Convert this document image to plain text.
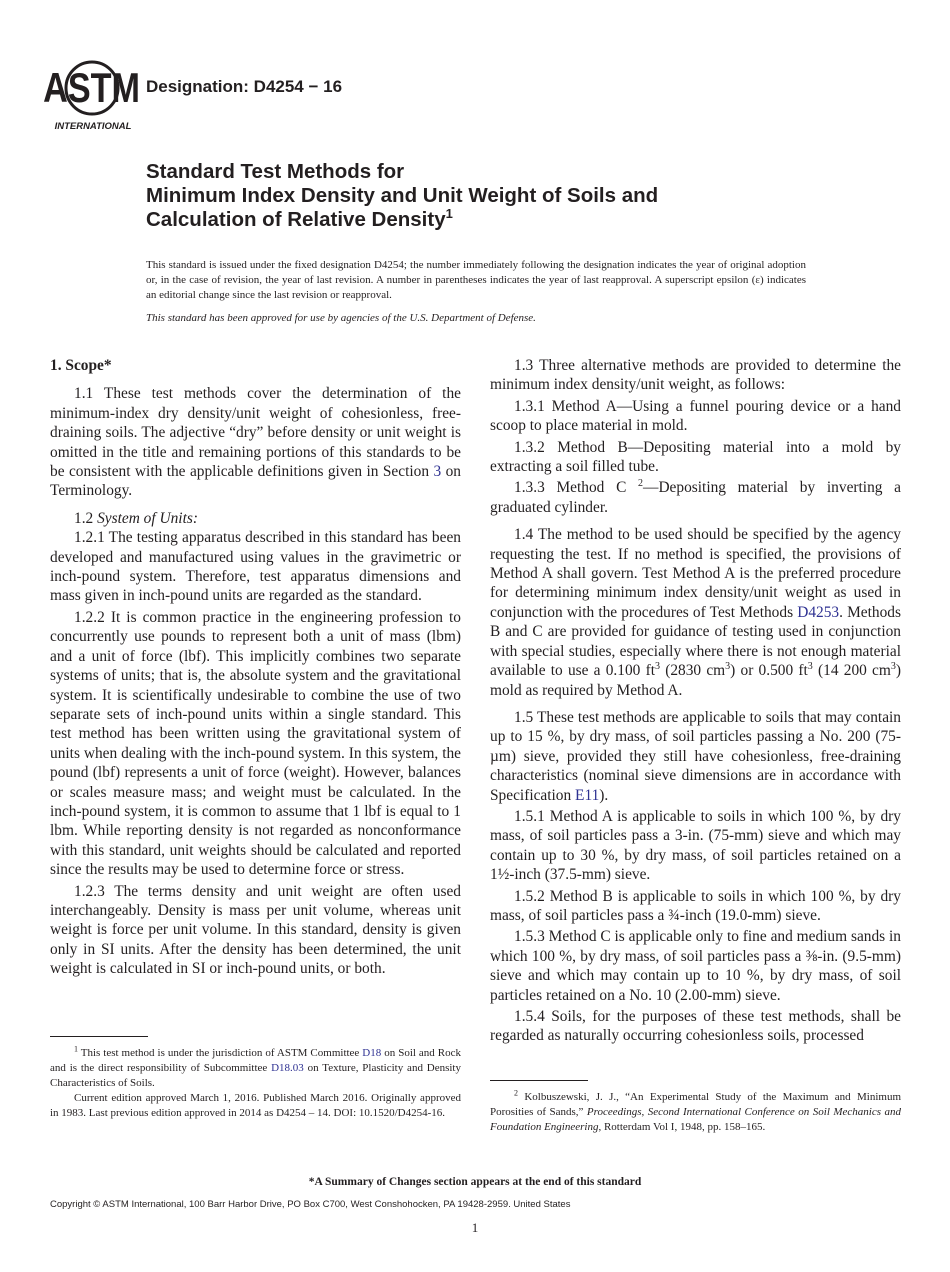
ASTM
INTERNATIONAL
Designation: D4254 − 16
Standard Test Methods for
Minimum Index Density and Unit Weight of Soils and
Calculation of Relative Density$^1$
This standard is issued under the fixed designation D4254; the number immediately following the designation indicates the year of original adoption or, in the case of revision, the year of last revision. A number in parentheses indicates the year of last reapproval. A superscript epsilon (ε) indicates an editorial change since the last revision or reapproval.
This standard has been approved for use by agencies of the U.S. Department of Defense.
1. Scope*

1.1 These test methods cover the determination of the minimum-index dry density/unit weight of cohesionless, free-draining soils. The adjective “dry” before density or unit weight is omitted in the title and remaining portions of this standards to be be consistent with the applicable definitions given in Section 3 on Terminology.

1.2 System of Units:

1.2.1 The testing apparatus described in this standard has been developed and manufactured using values in the gravimetric or inch-pound system. Therefore, test apparatus dimensions and mass given in inch-pound units are regarded as the standard.

1.2.2 It is common practice in the engineering profession to concurrently use pounds to represent both a unit of mass (lbm) and a unit of force (lbf). This implicitly combines two separate systems of units; that is, the absolute system and the gravitational system. It is scientifically undesirable to combine the use of two separate sets of inch-pound units within a single standard. This test method has been written using the gravitational system of units when dealing with the inch-pound system. In this system, the pound (lbf) represents a unit of force (weight). However, balances or scales measure mass; and weight must be calculated. In the inch-pound system, it is common to assume that 1 lbf is equal to 1 lbm. While reporting density is not regarded as nonconformance with this standard, unit weights should be calculated and reported since the results may be used to determine force or stress.

1.2.3 The terms density and unit weight are often used interchangeably. Density is mass per unit volume, whereas unit weight is force per unit volume. In this standard, density is given only in SI units. After the density has been determined, the unit weight is calculated in SI or inch-pound units, or both.

1.3 Three alternative methods are provided to determine the minimum index density/unit weight, as follows:

1.3.1 Method A—Using a funnel pouring device or a hand scoop to place material in mold.

1.3.2 Method B—Depositing material into a mold by extracting a soil filled tube.

1.3.3 Method C $^2$—Depositing material by inverting a graduated cylinder.

1.4 The method to be used should be specified by the agency requesting the test. If no method is specified, the provisions of Method A shall govern. Test Method A is the preferred procedure for determining minimum index density/unit weight as used in conjunction with the procedures of Test Methods D4253. Methods B and C are provided for guidance of testing used in conjunction with special studies, especially where there is not enough material available to use a 0.100 $ft^3$ (2830 $cm^3$) or 0.500 $ft^3$ (14 200 $cm^3$) mold as required by Method A.

1.5 These test methods are applicable to soils that may contain up to 15 %, by dry mass, of soil particles passing a No. 200 (75-µm) sieve, provided they still have cohesionless, free-draining characteristics (nominal sieve dimensions are in accordance with Specification E11).

1.5.1 Method A is applicable to soils in which 100 %, by dry mass, of soil particles pass a 3-in. (75-mm) sieve and which may contain up to 30 %, by dry mass, of soil particles retained on a 1½-inch (37.5-mm) sieve.

1.5.2 Method B is applicable to soils in which 100 %, by dry mass, of soil particles pass a ¾-inch (19.0-mm) sieve.

1.5.3 Method C is applicable only to fine and medium sands in which 100 %, by dry mass, of soil particles pass a ⅜-in. (9.5-mm) sieve and which may contain up to 10 %, by dry mass, of soil particles retained on a No. 10 (2.00-mm) sieve.

1.5.4 Soils, for the purposes of these test methods, shall be regarded as naturally occurring cohesionless soils, processed

$^1$ This test method is under the jurisdiction of ASTM Committee D18 on Soil and Rock and is the direct responsibility of Subcommittee D18.03 on Texture, Plasticity and Density Characteristics of Soils.

Current edition approved March 1, 2016. Published March 2016. Originally approved in 1983. Last previous edition approved in 2014 as D4254 – 14. DOI: 10.1520/D4254-16.

$^2$ Kolbuszewski, J. J., “An Experimental Study of the Maximum and Minimum Porosities of Sands,” Proceedings, Second International Conference on Soil Mechanics and Foundation Engineering, Rotterdam Vol I, 1948, pp. 158–165.

*A Summary of Changes section appears at the end of this standard
Copyright © ASTM International, 100 Barr Harbor Drive, PO Box C700, West Conshohocken, PA 19428-2959. United States
1
